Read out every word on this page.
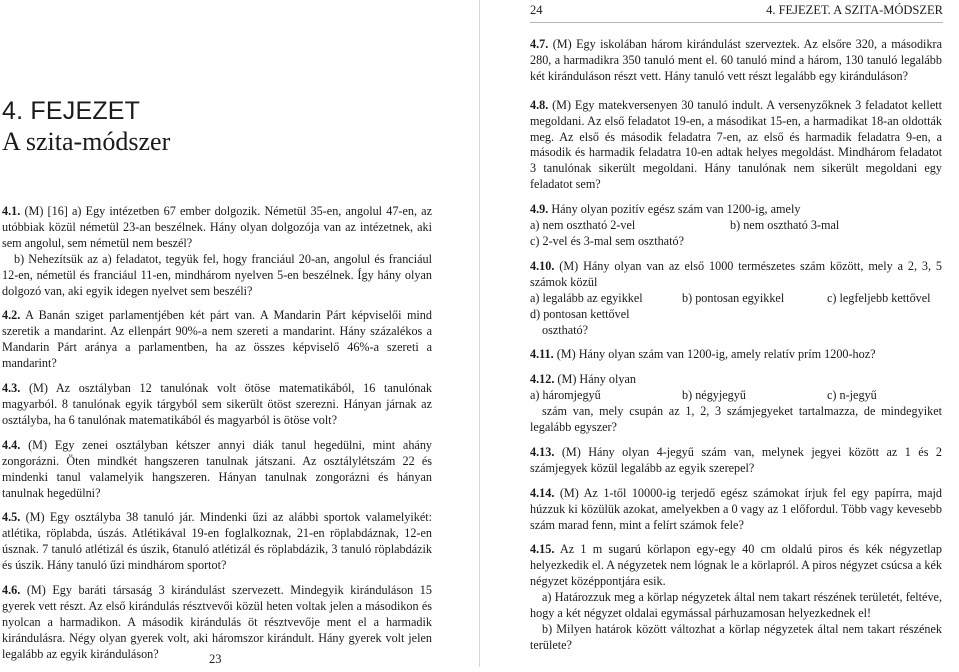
4. FEJEZET
A szita-módszer

4.1. (M) [16] a) Egy intézetben 67 ember dolgozik. Németül 35-en, angolul 47-en, az utóbbiak közül németül 23-an beszélnek. Hány olyan dolgozója van az intézetnek, aki sem angolul, sem németül nem beszél?

b) Nehezítsük az a) feladatot, tegyük fel, hogy franciául 20-an, angolul és franciául 12-en, németül és franciául 11-en, mindhárom nyelven 5-en beszélnek. Így hány olyan dolgozó van, aki egyik idegen nyelvet sem beszéli?

4.2. A Banán sziget parlamentjében két párt van. A Mandarin Párt képviselői mind szeretik a mandarint. Az ellenpárt 90%-a nem szereti a mandarint. Hány százalékos a Mandarin Párt aránya a parlamentben, ha az összes képviselő 46%-a szereti a mandarint?

4.3. (M) Az osztályban 12 tanulónak volt ötöse matematikából, 16 tanulónak magyarból. 8 tanulónak egyik tárgyból sem sikerült ötöst szereznі. Hányan járnak az osztályba, ha 6 tanulónak matematikából és magyarból is ötöse volt?

4.4. (M) Egy zenei osztályban kétszer annyi diák tanul hegedülni, mint ahány zongorázni. Öten mindkét hangszeren tanulnak játszani. Az osztálylétszám 22 és mindenki tanul valamelyik hangszeren. Hányan tanulnak zongorázni és hányan tanulnak hegedülni?

4.5. (M) Egy osztályba 38 tanuló jár. Mindenki űzi az alábbi sportok valamelyikét: atlétika, röplabda, úszás. Atlétikával 19-en foglalkoznak, 21-en röplabdáznak, 12-en úsznak. 7 tanuló atlétizál és úszik, 6tanuló atlétizál és röplabdázik, 3 tanuló röplabdázik és úszik. Hány tanuló űzi mindhárom sportot?

4.6. (M) Egy baráti társaság 3 kirándulást szervezett. Mindegyik kiránduláson 15 gyerek vett részt. Az első kirándulás résztvevői közül heten voltak jelen a másodikon és nyolcan a harmadikon. A második kirándulás öt résztvevője ment el a harmadik kirándulásra. Négy olyan gyerek volt, aki háromszor kirándult. Hány gyerek volt jelen legalább az egyik kiránduláson?	23
24	4. FEJEZET. A SZITA-MÓDSZER

4.7. (M) Egy iskolában három kirándulást szerveztek. Az elsőre 320, a másodikra 280, a harmadikra 350 tanuló ment el. 60 tanuló mind a három, 130 tanuló legalább két kiránduláson részt vett. Hány tanuló vett részt legalább egy kiránduláson?

4.8. (M) Egy matekversenyen 30 tanuló indult. A versenyzőknek 3 feladatot kellett megoldani. Az első feladatot 19-en, a másodikat 15-en, a harmadikat 18-an oldották meg. Az első és második feladatra 7-en, az első és harmadik feladatra 9-en, a második és harmadik feladatra 10-en adtak helyes megoldást. Mindhárom feladatot 3 tanulónak sikerült megoldani. Hány tanulónak nem sikerült megoldani egy feladatot sem?

4.9. Hány olyan pozitív egész szám van 1200-ig, amely

a) nem osztható 2-vel	b) nem osztható 3-mal

c) 2-vel és 3-mal sem osztható?

4.10. (M) Hány olyan van az első 1000 természetes szám között, mely a 2, 3, 5 számok közül

a) legalább az egyikkel	b) pontosan egyikkel	c) legfeljebb kettővel

d) pontosan kettővel

osztható?

4.11. (M) Hány olyan szám van 1200-ig, amely relatív prím 1200-hoz?

4.12. (M) Hány olyan

a) háromjegyű	b) négyjegyű	c) n-jegyű

szám van, mely csupán az 1, 2, 3 számjegyeket tartalmazza, de mindegyiket legalább egyszer?

4.13. (M) Hány olyan 4-jegyű szám van, melynek jegyei között az 1 és 2 számjegyek közül legalább az egyik szerepel?

4.14. (M) Az 1-től 10000-ig terjedő egész számokat írjuk fel egy papírra, majd húzzuk ki közülük azokat, amelyekben a 0 vagy az 1 előfordul. Több vagy kevesebb szám marad fenn, mint a felírt számok fele?

4.15. Az 1 m sugarú körlapon egy-egy 40 cm oldalú piros és kék négyzetlap helyezkedik el. A négyzetek nem lógnak le a körlapról. A piros négyzet csúcsa a kék négyzet középpontjára esik.

a) Határozzuk meg a körlap négyzetek által nem takart részének területét, feltéve, hogy a két négyzet oldalai egymással párhuzamosan helyezkednek el!

b) Milyen határok között változhat a körlap négyzetek által nem takart részének területe?
